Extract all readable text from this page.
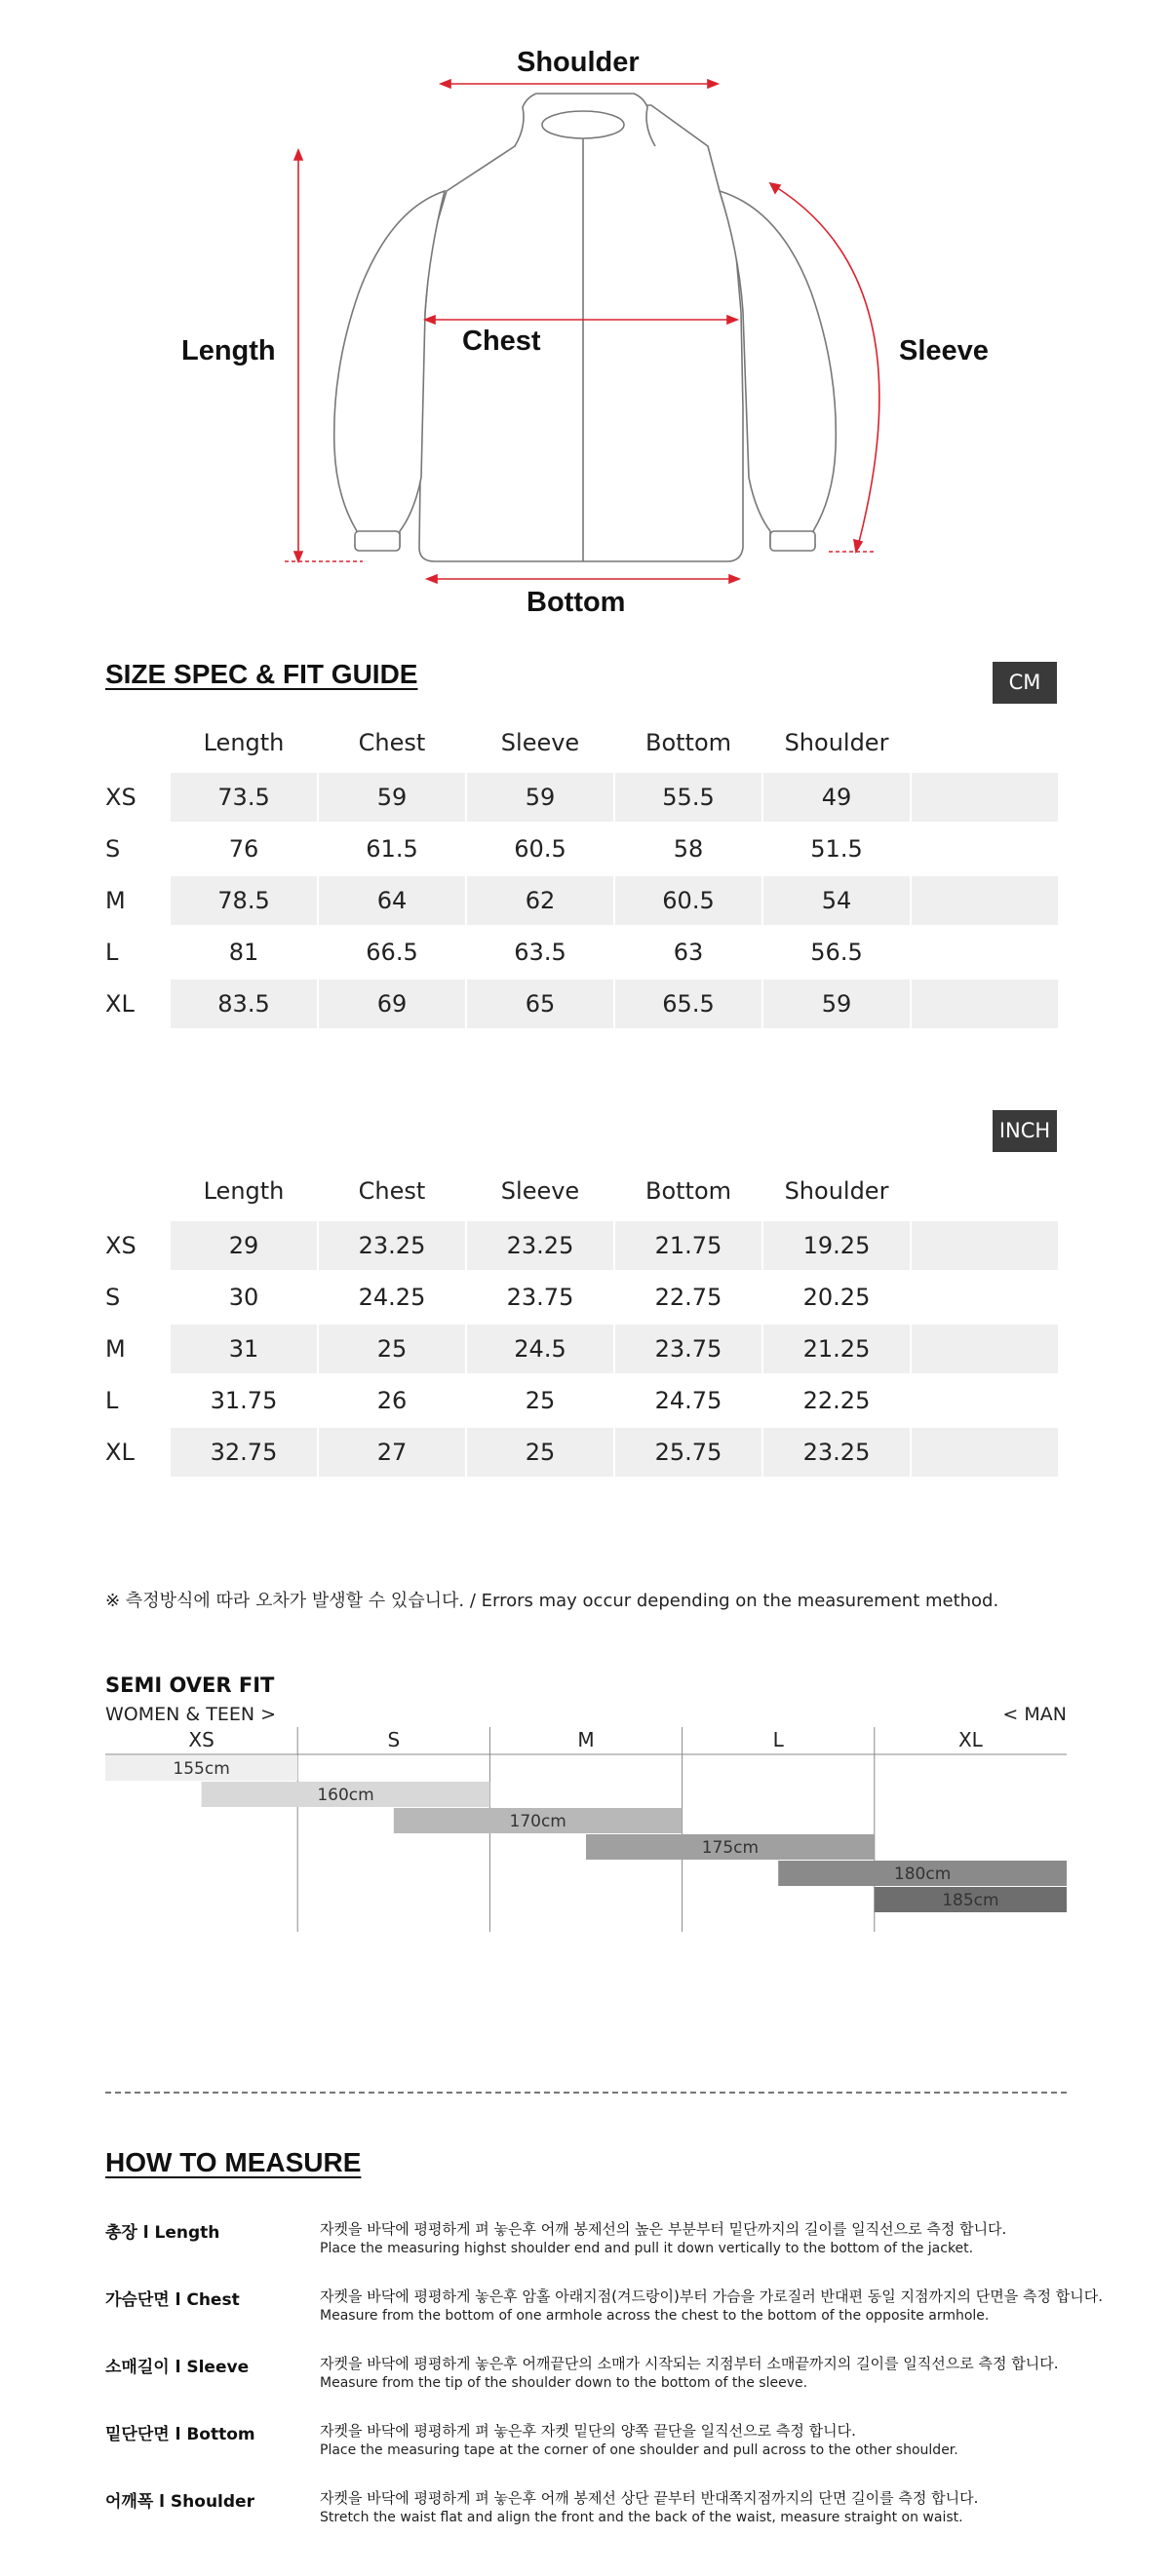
Shoulder
Length	Chest	Sleeve
Bottom
SIZE SPEC & FIT GUIDE	CM
Length	Chest	Sleeve	Bottom	Shoulder
XS	73.5	59	59	55.5	49
S	76	61.5	60.5	58	51.5
M	78.5	64	62	60.5	54
L	81	66.5	63.5	63	56.5
XL	83.5	69	65	65.5	59
INCH
Length	Chest	Sleeve	Bottom	Shoulder
XS	29	23.25	23.25	21.75	19.25
S	30	24.25	23.75	22.75	20.25
M	31	25	24.5	23.75	21.25
L	31.75	26	25	24.75	22.25
XL	32.75	27	25	25.75	23.25
※ 측정방식에 따라 오차가 발생할 수 있습니다. / Errors may occur depending on the measurement method.
SEMI OVER FIT
WOMEN & TEEN >	< MAN
XS	S	M	L	XL
155cm
160cm
170cm
175cm
180cm
185cm
HOW TO MEASURE
총장 l Length	자켓을 바닥에 평평하게 펴 놓은후 어깨 봉제선의 높은 부분부터 밑단까지의 길이를 일직선으로 측정 합니다.
Place the measuring highst shoulder end and pull it down vertically to the bottom of the jacket.
가슴단면 l Chest	자켓을 바닥에 평평하게 놓은후 암홀 아래지점(겨드랑이)부터 가슴을 가로질러 반대편 동일 지점까지의 단면을 측정 합니다.
Measure from the bottom of one armhole across the chest to the bottom of the opposite armhole.
소매길이 l Sleeve	자켓을 바닥에 평평하게 놓은후 어깨끝단의 소매가 시작되는 지점부터 소매끝까지의 길이를 일직선으로 측정 합니다.
Measure from the tip of the shoulder down to the bottom of the sleeve.
밑단단면 l Bottom	자켓을 바닥에 평평하게 펴 놓은후 자켓 밑단의 양쪽 끝단을 일직선으로 측정 합니다.
Place the measuring tape at the corner of one shoulder and pull across to the other shoulder.
어깨폭 l Shoulder	자켓을 바닥에 평평하게 펴 놓은후 어깨 봉제선 상단 끝부터 반대쪽지점까지의 단면 길이를 측정 합니다.
Stretch the waist flat and align the front and the back of the waist, measure straight on waist.
